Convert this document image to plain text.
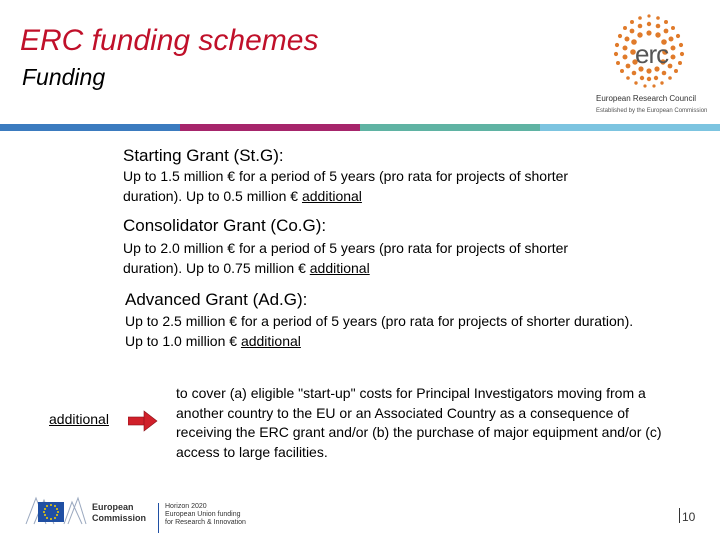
ERC funding schemes
Funding
erc
European Research Council
Established by the European Commission
Starting Grant (St.G):
Up to 1.5 million € for a period of 5 years (pro rata for projects of shorter
duration). Up to 0.5 million € additional
Consolidator Grant (Co.G):
Up to 2.0 million € for a period of 5 years (pro rata for projects of shorter
duration). Up to 0.75 million € additional
Advanced Grant (Ad.G):
Up to 2.5 million € for a period of 5 years (pro rata for projects of shorter duration).
Up to 1.0 million € additional
additional
to cover (a) eligible "start-up" costs for Principal Investigators moving from a another country to the EU or an Associated Country as a consequence of receiving the ERC grant and/or (b) the purchase of major equipment and/or (c) access to large facilities.
European
Commission
Horizon 2020
European Union funding
for Research & Innovation	10
